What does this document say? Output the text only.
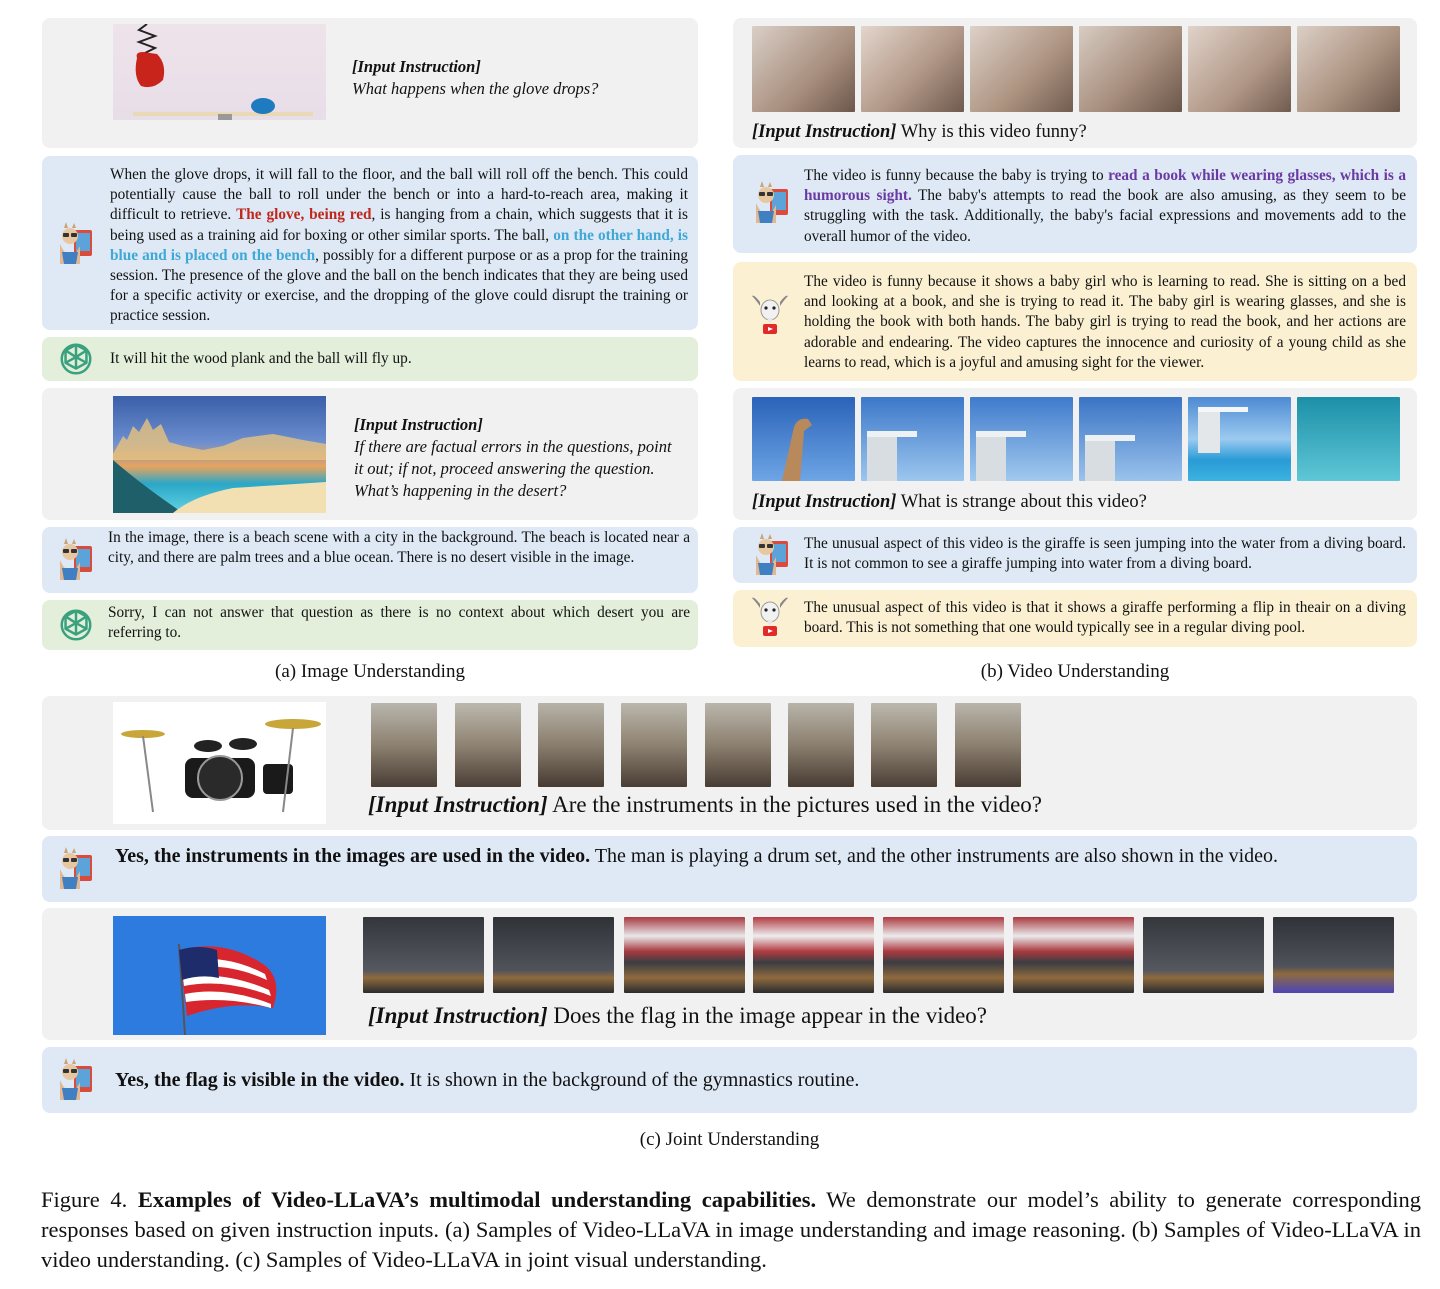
[Input Instruction]
What happens when the glove drops?
When the glove drops, it will fall to the floor, and the ball will roll off the bench. This could potentially cause the ball to roll under the bench or into a hard-to-reach area, making it difficult to retrieve. The glove, being red, is hanging from a chain, which suggests that it is being used as a training aid for boxing or other similar sports. The ball, on the other hand, is blue and is placed on the bench, possibly for a different purpose or as a prop for the training session. The presence of the glove and the ball on the bench indicates that they are being used for a specific activity or exercise, and the dropping of the glove could disrupt the training or practice session.
It will hit the wood plank and the ball will fly up.
[Input Instruction]
If there are factual errors in the questions, point it out; if not, proceed answering the question. What’s happening in the desert?
In the image, there is a beach scene with a city in the background. The beach is located near a city, and there are palm trees and a blue ocean. There is no desert visible in the image.
Sorry, I can not answer that question as there is no context about which desert you are referring to.
(a) Image Understanding
[Input Instruction] Why is this video funny?
The video is funny because the baby is trying to read a book while wearing glasses, which is a humorous sight. The baby's attempts to read the book are also amusing, as they seem to be struggling with the task. Additionally, the baby's facial expressions and movements add to the overall humor of the video.
The video is funny because it shows a baby girl who is learning to read. She is sitting on a bed and looking at a book, and she is trying to read it. The baby girl is wearing glasses, and she is holding the book with both hands. The baby girl is trying to read the book, and her actions are adorable and endearing. The video captures the innocence and curiosity of a young child as she learns to read, which is a joyful and amusing sight for the viewer.
[Input Instruction] What is strange about this video?
The unusual aspect of this video is the giraffe is seen jumping into the water from a diving board. It is not common to see a giraffe jumping into water from a diving board.
The unusual aspect of this video is that it shows a giraffe performing a flip in theair on a diving board. This is not something that one would typically see in a regular diving pool.
(b) Video Understanding
[Input Instruction] Are the instruments in the pictures used in the video?
Yes, the instruments in the images are used in the video. The man is playing a drum set, and the other instruments are also shown in the video.
[Input Instruction] Does the flag in the image appear in the video?
Yes, the flag is visible in the video. It is shown in the background of the gymnastics routine.
(c) Joint Understanding
Figure 4. Examples of Video-LLaVA’s multimodal understanding capabilities. We demonstrate our model’s ability to generate corresponding responses based on given instruction inputs. (a) Samples of Video-LLaVA in image understanding and image reasoning. (b) Samples of Video-LLaVA in video understanding. (c) Samples of Video-LLaVA in joint visual understanding.
